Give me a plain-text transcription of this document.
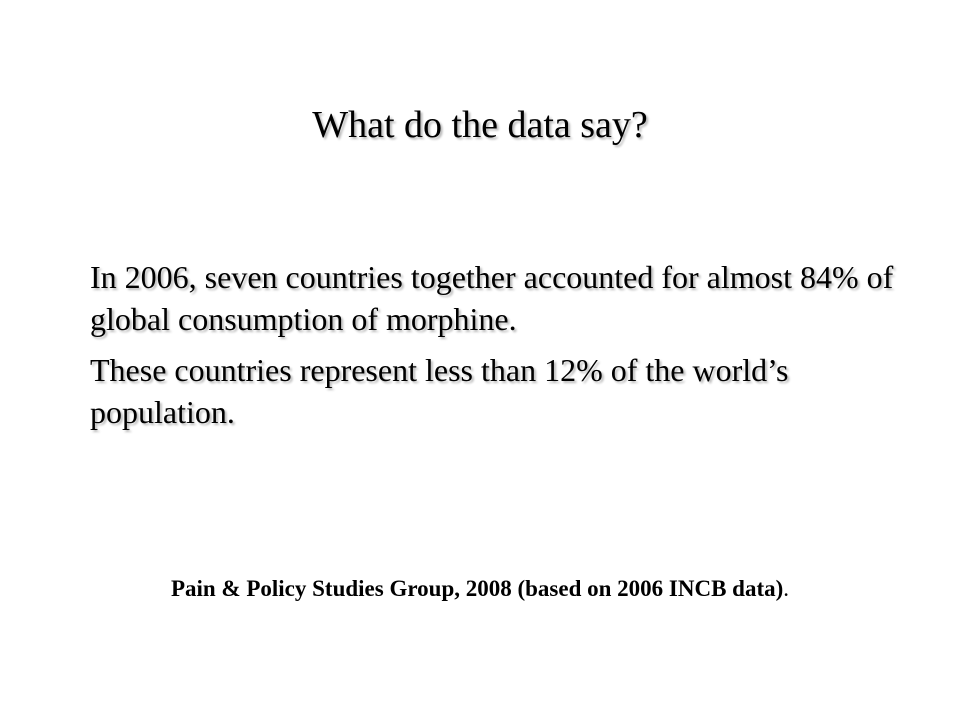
What do the data say?

In 2006, seven countries together accounted for almost 84% of global consumption of morphine.

These countries represent less than 12% of the world’s population.

Pain & Policy Studies Group, 2008 (based on 2006 INCB data).
